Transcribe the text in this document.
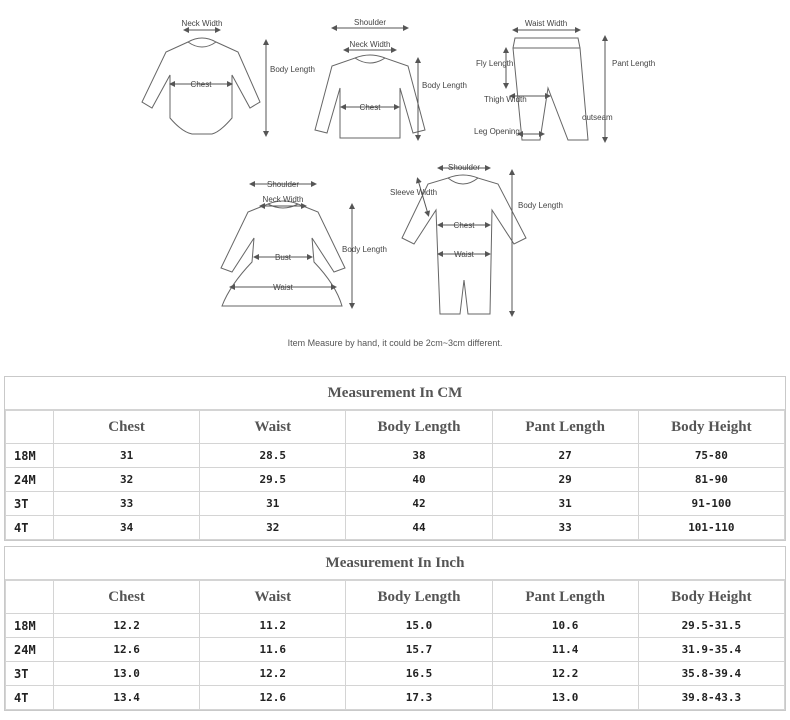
Neck Width
Chest
Body Length
Shoulder
Neck Width
Chest
Body Length
Waist Width
Fly Length	Pant Length
Thigh Width
outseam
Leg Opening
Shoulder
Neck Width
Bust
Waist
Body Length
Shoulder
Sleeve Width
Chest
Waist
Body Length
Item Measure by hand, it could be 2cm~3cm different.
Measurement In CM
	Chest	Waist	Body Length	Pant Length	Body Height
18M	31	28.5	38	27	75-80
24M	32	29.5	40	29	81-90
3T	33	31	42	31	91-100
4T	34	32	44	33	101-110
Measurement In Inch
	Chest	Waist	Body Length	Pant Length	Body Height
18M	12.2	11.2	15.0	10.6	29.5-31.5
24M	12.6	11.6	15.7	11.4	31.9-35.4
3T	13.0	12.2	16.5	12.2	35.8-39.4
4T	13.4	12.6	17.3	13.0	39.8-43.3
